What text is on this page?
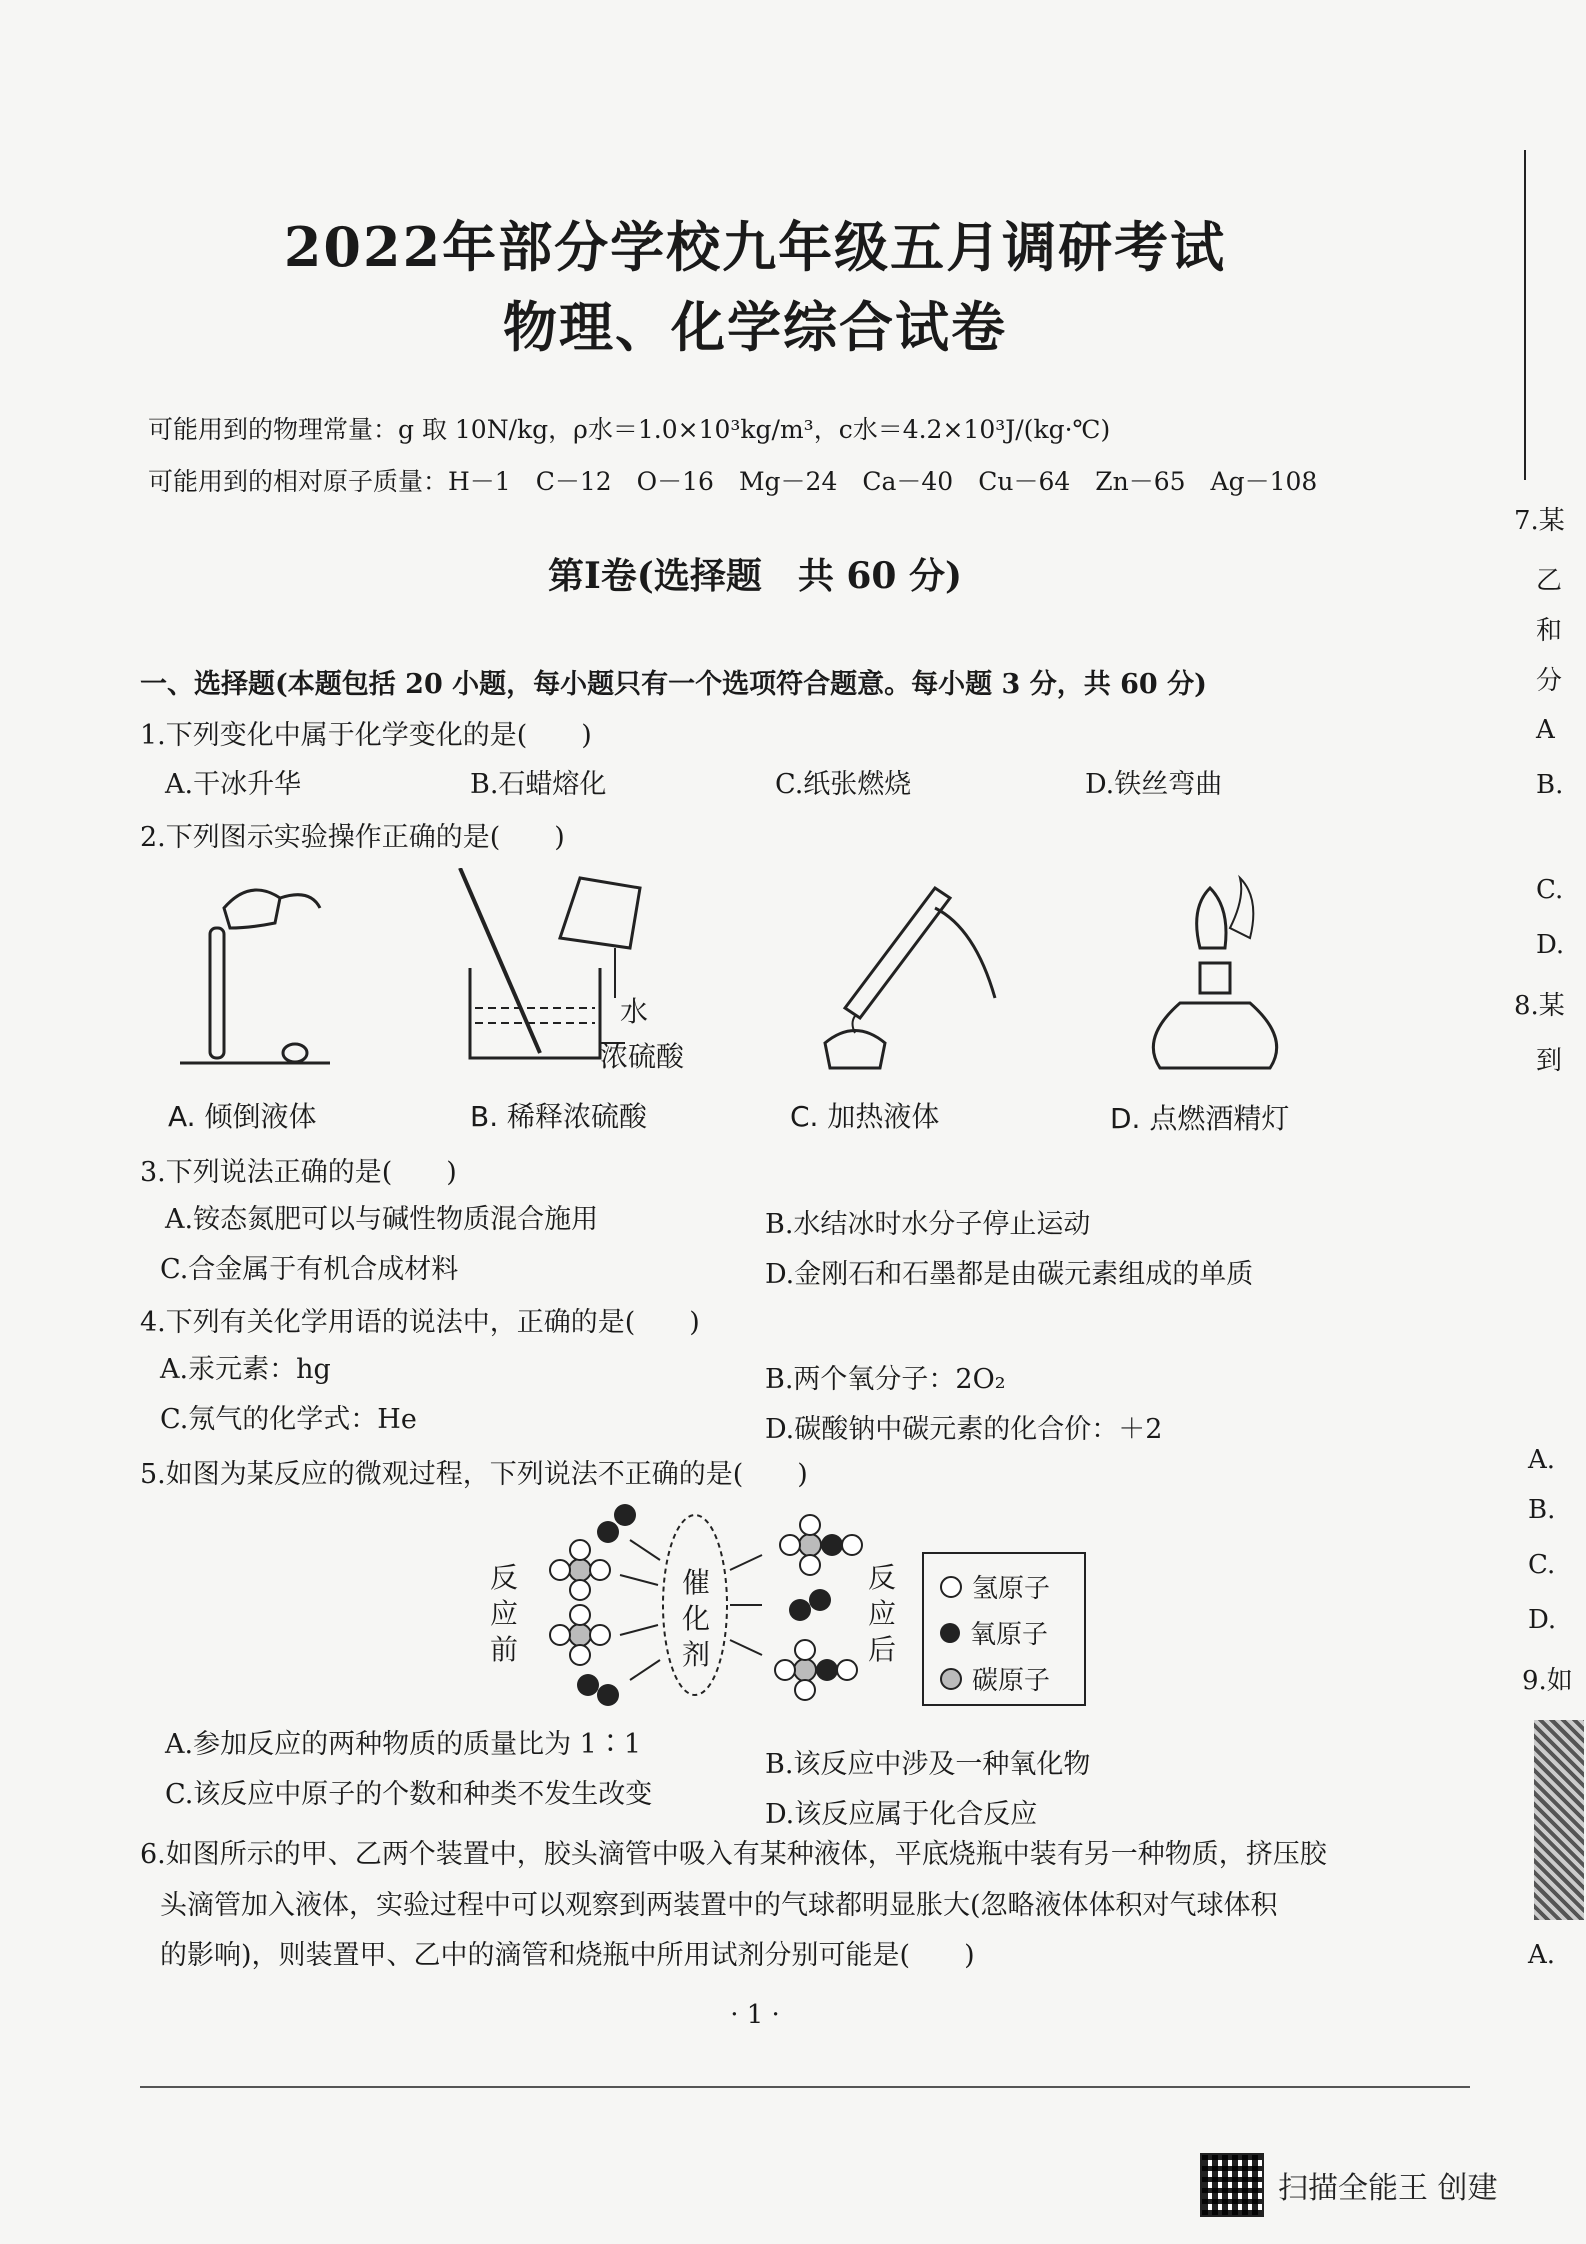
2022年部分学校九年级五月调研考试
物理、化学综合试卷
可能用到的物理常量：g 取 10N/kg，ρ水＝1.0×10³kg/m³，c水＝4.2×10³J/(kg·℃)
可能用到的相对原子质量：H－1　C－12　O－16　Mg－24　Ca－40　Cu－64　Zn－65　Ag－108
第Ⅰ卷(选择题　共 60 分)
一、选择题(本题包括 20 小题，每小题只有一个选项符合题意。每小题 3 分，共 60 分)
1.下列变化中属于化学变化的是(　　)
A.干冰升华	B.石蜡熔化	C.纸张燃烧	D.铁丝弯曲
2.下列图示实验操作正确的是(　　)
A. 倾倒液体
水
浓硫酸
B. 稀释浓硫酸	C. 加热液体	D. 点燃酒精灯
3.下列说法正确的是(　　)
A.铵态氮肥可以与碱性物质混合施用	B.水结冰时水分子停止运动
C.合金属于有机合成材料	D.金刚石和石墨都是由碳元素组成的单质
4.下列有关化学用语的说法中，正确的是(　　)
A.汞元素：hg	B.两个氧分子：2O₂
C.氖气的化学式：He	D.碳酸钠中碳元素的化合价：＋2
5.如图为某反应的微观过程，下列说法不正确的是(　　)
反应前
催化剂
反应后
氢原子
氧原子
碳原子
A.参加反应的两种物质的质量比为 1∶1
B.该反应中涉及一种氧化物
C.该反应中原子的个数和种类不发生改变
D.该反应属于化合反应
6.如图所示的甲、乙两个装置中，胶头滴管中吸入有某种液体，平底烧瓶中装有另一种物质，挤压胶
头滴管加入液体，实验过程中可以观察到两装置中的气球都明显胀大(忽略液体体积对气球体积
的影响)，则装置甲、乙中的滴管和烧瓶中所用试剂分别可能是(　　)
· 1 ·
7.某
乙
和
分
A
B.
C.
D.
8.某
到
A.
B.
C.
D.
9.如
A.
扫描全能王 创建
